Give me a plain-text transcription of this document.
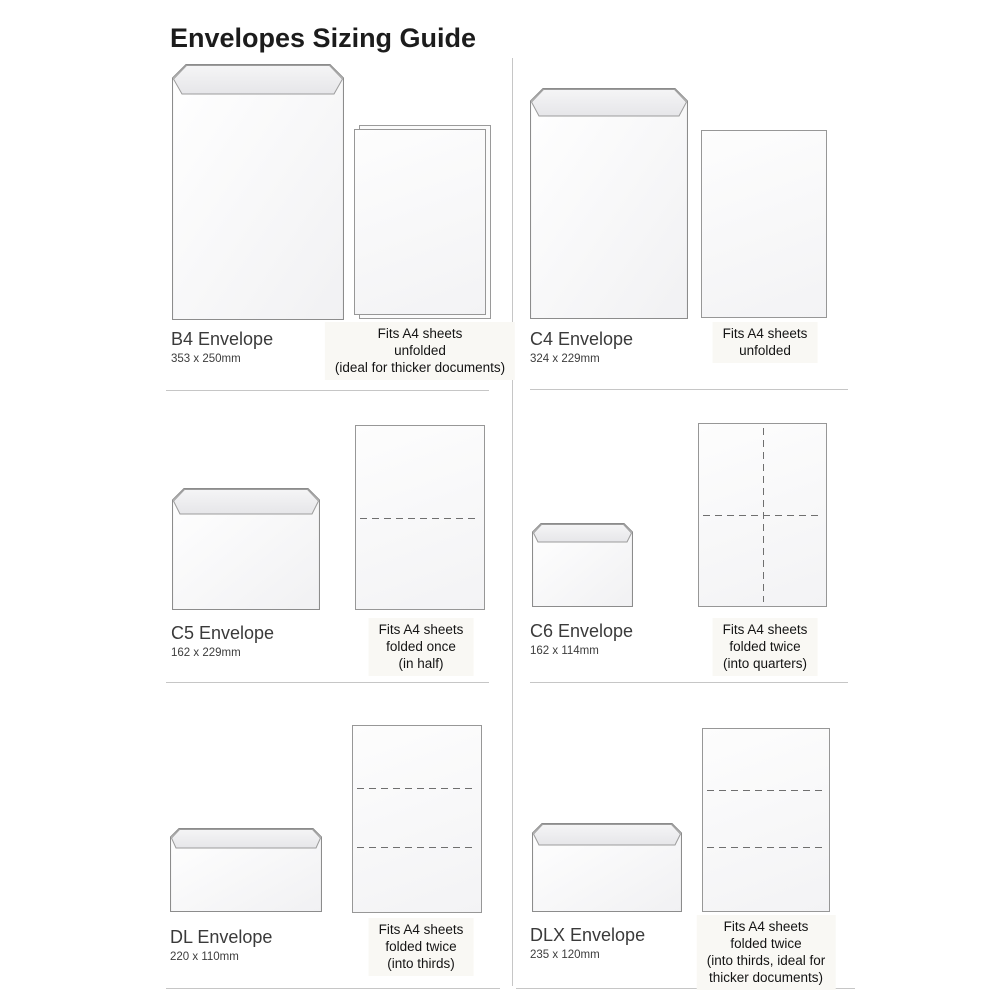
Envelopes Sizing Guide
B4 Envelope
353 x 250mm
Fits A4 sheets
unfolded
(ideal for thicker documents)
C4 Envelope
324 x 229mm
Fits A4 sheets
unfolded
C5 Envelope
162 x 229mm
Fits A4 sheets
folded once
(in half)
C6 Envelope
162 x 114mm
Fits A4 sheets
folded twice
(into quarters)
DL Envelope
220 x 110mm
Fits A4 sheets
folded twice
(into thirds)
DLX Envelope
235 x 120mm
Fits A4 sheets
folded twice
(into thirds, ideal for
thicker documents)
